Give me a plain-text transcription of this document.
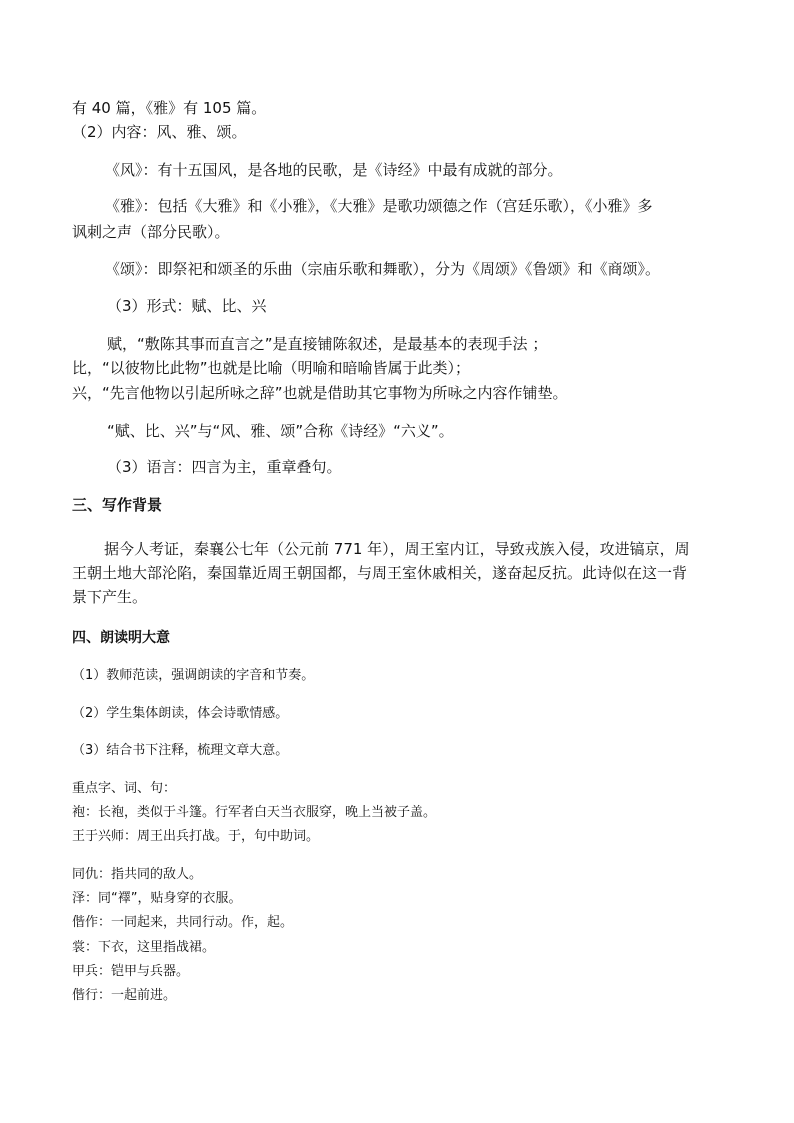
有 40 篇，《雅》有 105 篇。
（2）内容：风、雅、颂。
《风》：有十五国风，是各地的民歌，是《诗经》中最有成就的部分。
《雅》：包括《大雅》和《小雅》，《大雅》是歌功颂德之作（宫廷乐歌），《小雅》多
讽刺之声（部分民歌）。
《颂》：即祭祀和颂圣的乐曲（宗庙乐歌和舞歌），分为《周颂》《鲁颂》和《商颂》。
（3）形式：赋、比、兴
赋，“敷陈其事而直言之”是直接铺陈叙述，是最基本的表现手法 ；
比，“以彼物比此物”也就是比喻（明喻和暗喻皆属于此类）；
兴，“先言他物以引起所咏之辞”也就是借助其它事物为所咏之内容作铺垫。
“赋、比、兴”与“风、雅、颂”合称《诗经》“六义”。
（3）语言：四言为主，重章叠句。
三、写作背景
据今人考证，秦襄公七年（公元前 771 年），周王室内讧，导致戎族入侵，攻进镐京，周
王朝土地大部沦陷，秦国靠近周王朝国都，与周王室休戚相关，遂奋起反抗。此诗似在这一背
景下产生。
四、朗读明大意
（1）教师范读，强调朗读的字音和节奏。
（2）学生集体朗读，体会诗歌情感。
（3）结合书下注释，梳理文章大意。
重点字、词、句：
袍：长袍，类似于斗篷。行军者白天当衣服穿，晚上当被子盖。
王于兴师：周王出兵打战。于，句中助词。
同仇：指共同的敌人。
泽：同“襗”，贴身穿的衣服。
偕作：一同起来，共同行动。作，起。
裳：下衣，这里指战裙。
甲兵：铠甲与兵器。
偕行：一起前进。
